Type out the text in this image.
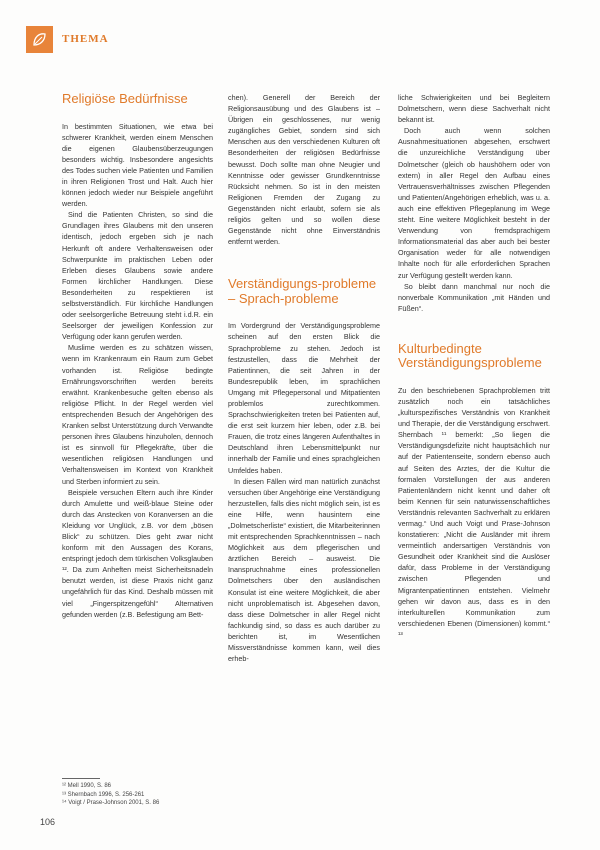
THEMA
Religiöse Bedürfnisse

In bestimmten Situationen, wie etwa bei schwerer Krankheit, werden einem Menschen die eigenen Glaubensüberzeugungen besonders wichtig. Insbesondere angesichts des Todes suchen viele Patienten und Familien in ihren Religionen Trost und Halt. Auch hier können jedoch wieder nur Beispiele angeführt werden.

Sind die Patienten Christen, so sind die Grundlagen ihres Glaubens mit den unseren identisch, jedoch ergeben sich je nach Herkunft oft andere Verhaltensweisen oder Schwerpunkte im praktischen Leben oder Erleben dieses Glaubens sowie andere Formen kirchlicher Handlungen. Diese Besonderheiten zu respektieren ist selbstverständlich. Für kirchliche Handlungen oder seelsorgerliche Betreuung steht i.d.R. ein Seelsorger der jeweiligen Konfession zur Verfügung oder kann gerufen werden.

Muslime werden es zu schätzen wissen, wenn im Krankenraum ein Raum zum Gebet vorhanden ist. Religiöse bedingte Ernährungsvorschriften werden bereits erwähnt. Krankenbesuche gelten ebenso als religiöse Pflicht. In der Regel werden viel entsprechenden Besuch der Angehörigen des Kranken selbst Unterstützung durch Verwandte personen ihres Glaubens hinzuholen, dennoch ist es sinnvoll für Pflegekräfte, über die wesentlichen religiösen Handlungen und Verhaltensweisen im Kontext von Krankheit und Sterben informiert zu sein.

Beispiele versuchen Eltern auch ihre Kinder durch Amulette und weiß-blaue Steine oder durch das Anstecken von Koranversen an die Kleidung vor Unglück, z.B. vor dem „bösen Blick“ zu schützen. Dies geht zwar nicht konform mit den Aussagen des Korans, entspringt jedoch dem türkischen Volksglauben ¹². Da zum Anheften meist Sicherheitsnadeln benutzt werden, ist diese Praxis nicht ganz ungefährlich für das Kind. Deshalb müssen mit viel „Fingerspitzengefühl“ Alternativen gefunden werden (z.B. Befestigung am Bett-

chen). Generell der Bereich der Religionsausübung und des Glaubens ist – Übrigen ein geschlossenes, nur wenig zugängliches Gebiet, sondern sind sich Menschen aus den verschiedenen Kulturen oft Besonderheiten der religiösen Bedürfnisse bewusst. Doch sollte man ohne Neugier und Kenntnisse oder gewisser Grundkenntnisse Rücksicht nehmen. So ist in den meisten Religionen Fremden der Zugang zu Gegenständen nicht erlaubt, sofern sie als religiös gelten und so wollen diese Gegenstände nicht ohne Einverständnis entfernt werden.

Verständigungs-probleme – Sprach-probleme

Im Vordergrund der Verständigungsprobleme scheinen auf den ersten Blick die Sprachprobleme zu stehen. Jedoch ist festzustellen, dass die Mehrheit der Patientinnen, die seit Jahren in der Bundesrepublik leben, im sprachlichen Umgang mit Pflegepersonal und Mitpatienten problemlos zurechtkommen. Sprachschwierigkeiten treten bei Patienten auf, die erst seit kurzem hier leben, oder z.B. bei Frauen, die trotz eines längeren Aufenthaltes in Deutschland ihren Lebensmittelpunkt nur innerhalb der Familie und eines sprachgleichen Umfeldes haben.

In diesen Fällen wird man natürlich zunächst versuchen über Angehörige eine Verständigung herzustellen, falls dies nicht möglich sein, ist es eine Hilfe, wenn hausintern eine „Dolmetscherliste“ existiert, die Mitarbeiterinnen mit entsprechenden Sprachkenntnissen – nach Möglichkeit aus dem pflegerischen und ärztlichen Bereich – ausweist. Die Inanspruchnahme eines professionellen Dolmetschers über den ausländischen Konsulat ist eine weitere Möglichkeit, die aber nicht unproblematisch ist. Abgesehen davon, dass diese Dolmetscher in aller Regel nicht fachkundig sind, so dass es auch darüber zu berichten ist, im Wesentlichen Missverständnisse kommen kann, weil dies erheb-

liche Schwierigkeiten und bei Begleitern Dolmetschern, wenn diese Sachverhalt nicht bekannt ist.

Doch auch wenn solchen Ausnahmesituationen abgesehen, erschwert die unzureichliche Verständigung über Dolmetscher (gleich ob haushöhern oder von extern) in aller Regel den Aufbau eines Vertrauensverhältnisses zwischen Pflegenden und Patienten/Angehörigen erheblich, was u. a. auch eine effektiven Pflegeplanung im Wege steht. Eine weitere Möglichkeit besteht in der Verwendung von fremdsprachigem Informationsmaterial das aber auch bei bester Organisation weder für alle notwendigen Inhalte noch für alle erforderlichen Sprachen zur Verfügung gestellt werden kann.

So bleibt dann manchmal nur noch die nonverbale Kommunikation „mit Händen und Füßen“.

Kulturbedingte Verständigungsprobleme

Zu den beschriebenen Sprachproblemen tritt zusätzlich noch ein tatsächliches „kulturspezifisches Verständnis von Krankheit und Therapie, der die Verständigung erschwert. Shernbach ¹¹ bemerkt: „So liegen die Verständigungsdefizite nicht hauptsächlich nur auf der Patientenseite, sondern ebenso auch auf Seiten des Arztes, der die Kultur die formalen Vorstellungen der aus anderen Patientenländern nicht kennt und daher oft beim Kennen für sein naturwissenschaftliches Verständnis relevanten Sachverhalt zu erklären vermag.“ Und auch Voigt und Prase-Johnson konstatieren: „Nicht die Ausländer mit ihrem vermeintlich andersartigen Verständnis von Gesundheit oder Krankheit sind die Auslöser dafür, dass Probleme in der Verständigung zwischen Pflegenden und Migrantenpatientinnen entstehen. Vielmehr gehen wir davon aus, dass es in den interkulturellen Kommunikation zum verschiedenen Ebenen (Dimensionen) kommt.“ ¹³

¹² Mell 1990, S. 86
¹³ Shernbach 1996, S. 256-261
¹⁴ Voigt / Prase-Johnson 2001, S. 86
106
